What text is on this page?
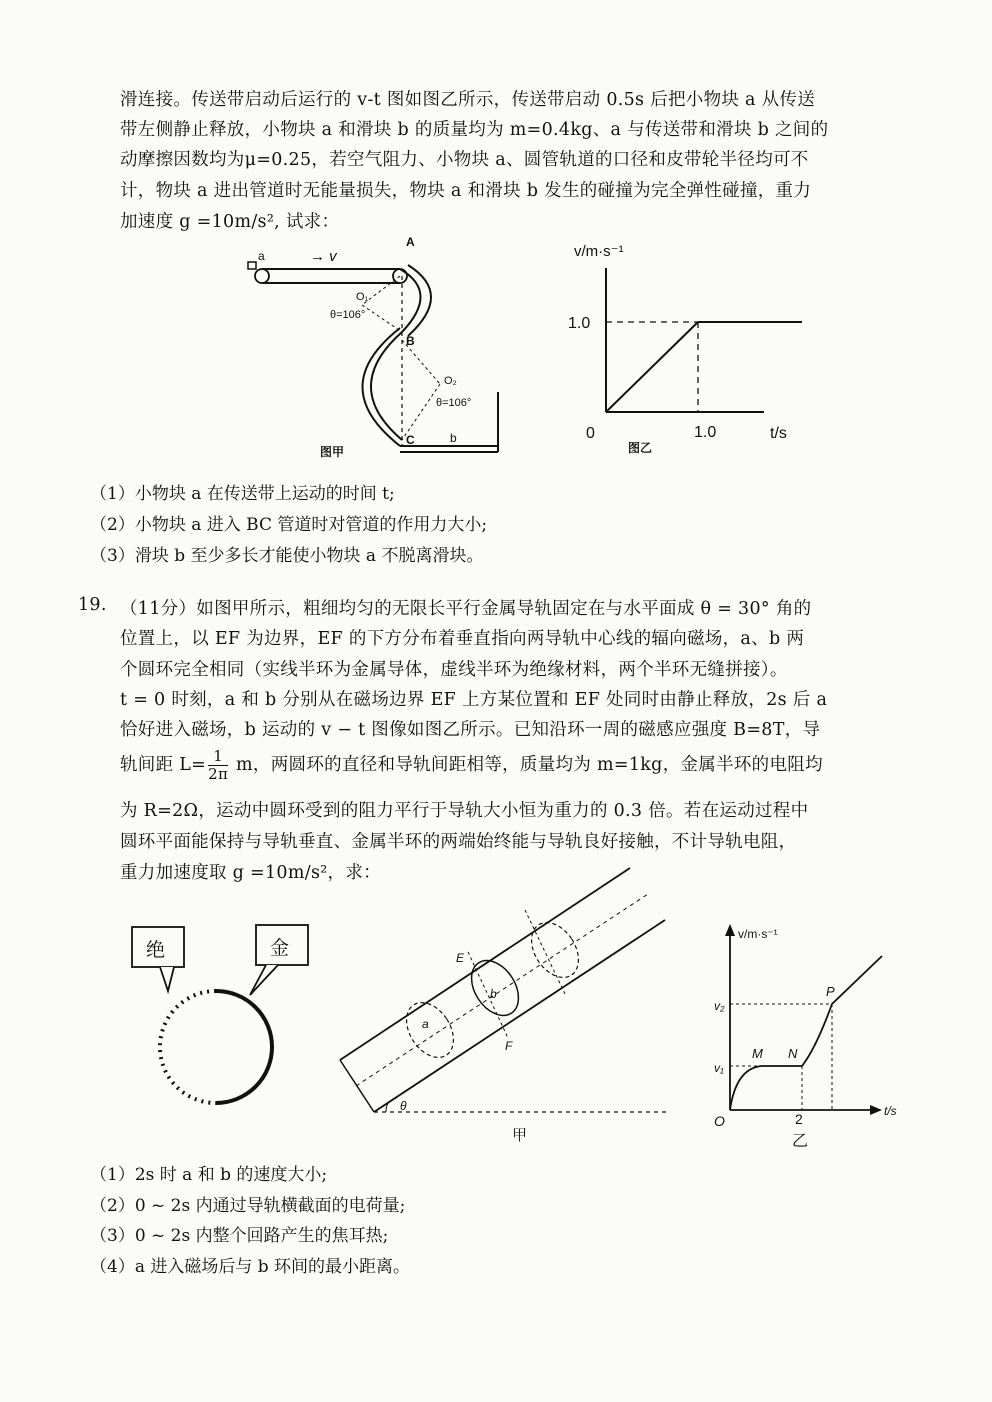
滑连接。传送带启动后运行的 v-t 图如图乙所示，传送带启动 0.5s 后把小物块 a 从传送
带左侧静止释放，小物块 a 和滑块 b 的质量均为 m=0.4kg、a 与传送带和滑块 b 之间的
动摩擦因数均为μ=0.25，若空气阻力、小物块 a、圆管轨道的口径和皮带轮半径均可不
计，物块 a 进出管道时无能量损失，物块 a 和滑块 b 发生的碰撞为完全弹性碰撞，重力
加速度 g =10m/s², 试求：
a	→ v
A
O₁
θ=106°
B
O₂
θ=106°
C	b
图甲
v/m·s⁻¹
1.0
0	1.0
图乙
t/s
（1）小物块 a 在传送带上运动的时间 t;
（2）小物块 a 进入 BC 管道时对管道的作用力大小;
（3）滑块 b 至少多长才能使小物块 a 不脱离滑块。
19. （11分）如图甲所示，粗细均匀的无限长平行金属导轨固定在与水平面成 θ = 30° 角的
位置上，以 EF 为边界，EF 的下方分布着垂直指向两导轨中心线的辐向磁场，a、b 两
个圆环完全相同（实线半环为金属导体，虚线半环为绝缘材料，两个半环无缝拼接）。
t = 0 时刻，a 和 b 分别从在磁场边界 EF 上方某位置和 EF 处同时由静止释放，2s 后 a
恰好进入磁场，b 运动的 v − t 图像如图乙所示。已知沿环一周的磁感应强度 B=8T，导
轨间距 $L= \frac{1}{2\pi}$ m，两圆环的直径和导轨间距相等，质量均为 m=1kg，金属半环的电阻均
为 R=2Ω，运动中圆环受到的阻力平行于导轨大小恒为重力的 0.3 倍。若在运动过程中
圆环平面能保持与导轨垂直、金属半环的两端始终能与导轨良好接触，不计导轨电阻，
重力加速度取 g =10m/s²，求：
绝	金
θ
a
b
E
F
甲
v/m·s⁻¹
t/s
O	2
乙
v₁
v₂
M N
P
（1）2s 时 a 和 b 的速度大小;
（2）0 ~ 2s 内通过导轨横截面的电荷量;
（3）0 ~ 2s 内整个回路产生的焦耳热;
（4）a 进入磁场后与 b 环间的最小距离。
